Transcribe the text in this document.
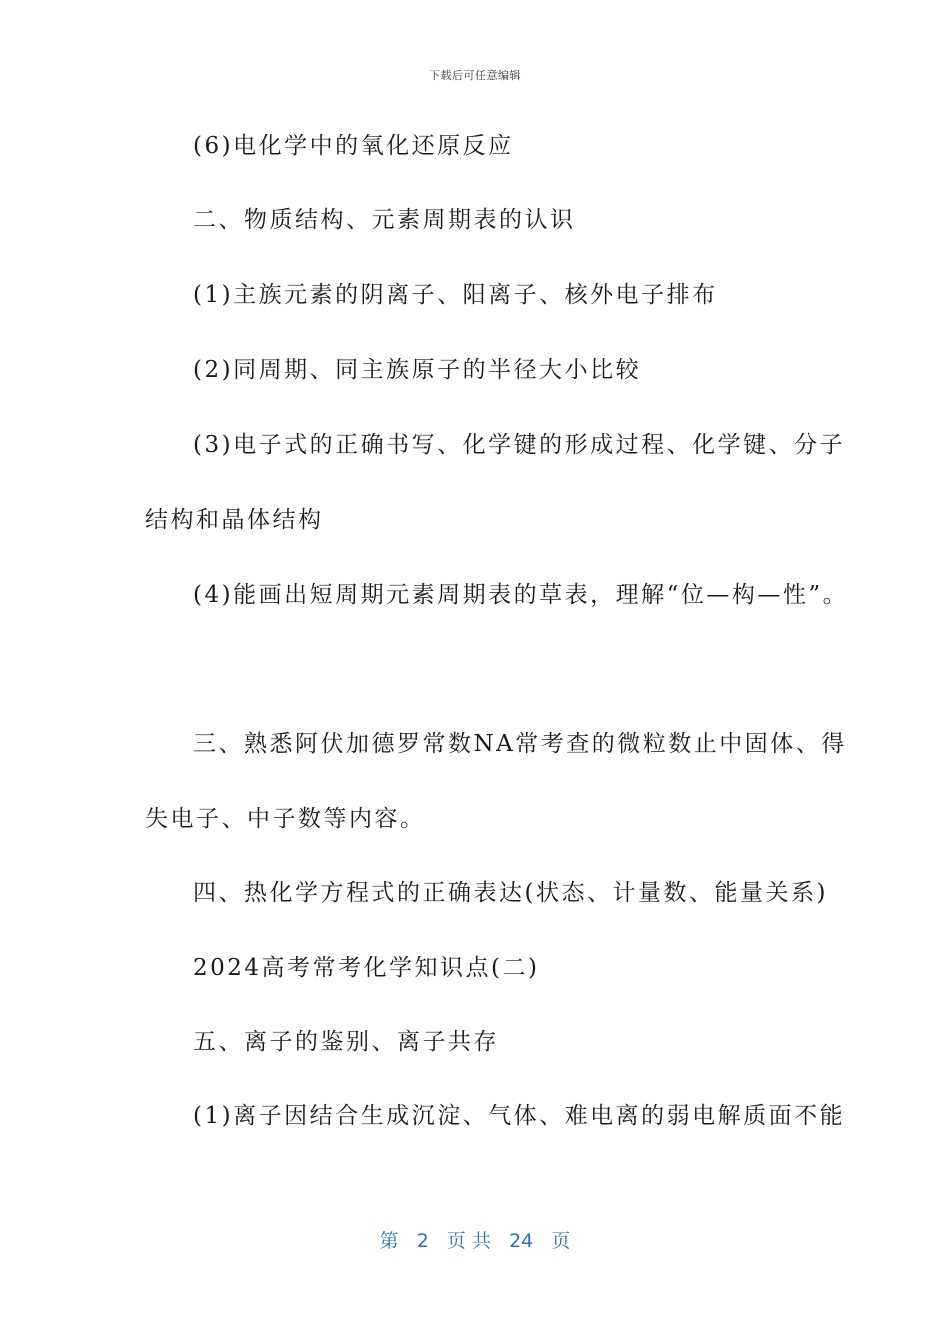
下载后可任意编辑
(6)电化学中的氧化还原反应
二、物质结构、元素周期表的认识
(1)主族元素的阴离子、阳离子、核外电子排布
(2)同周期、同主族原子的半径大小比较
(3)电子式的正确书写、化学键的形成过程、化学键、分子
结构和晶体结构
(4)能画出短周期元素周期表的草表，理解“位—构—性”。
三、熟悉阿伏加德罗常数NA常考查的微粒数止中固体、得
失电子、中子数等内容。
四、热化学方程式的正确表达(状态、计量数、能量关系)
2024高考常考化学知识点(二)
五、离子的鉴别、离子共存
(1)离子因结合生成沉淀、气体、难电离的弱电解质面不能
第 2 页 共 24 页
